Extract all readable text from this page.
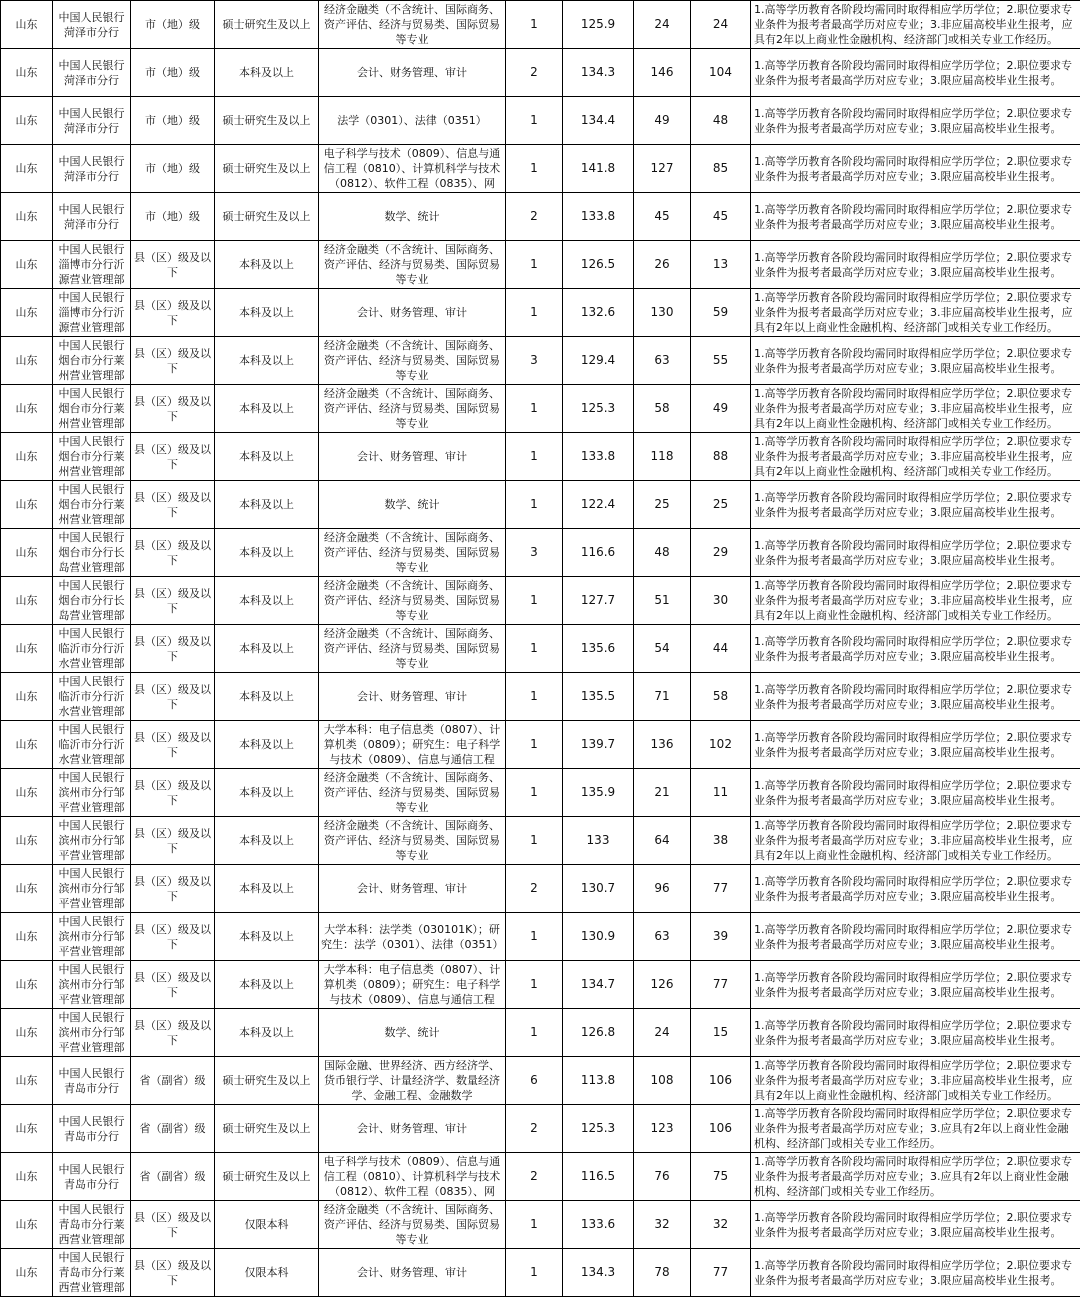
山东	中国人民银行菏泽市分行	市（地）级	硕士研究生及以上	经济金融类（不含统计、国际商务、资产评估、经济与贸易类、国际贸易等专业	1	125.9	24	24	1.高等学历教育各阶段均需同时取得相应学历学位；2.职位要求专业条件为报考者最高学历对应专业；3.非应届高校毕业生报考，应具有2年以上商业性金融机构、经济部门或相关专业工作经历。
山东	中国人民银行菏泽市分行	市（地）级	本科及以上	会计、财务管理、审计	2	134.3	146	104	1.高等学历教育各阶段均需同时取得相应学历学位；2.职位要求专业条件为报考者最高学历对应专业；3.限应届高校毕业生报考。
山东	中国人民银行菏泽市分行	市（地）级	硕士研究生及以上	法学（0301）、法律（0351）	1	134.4	49	48	1.高等学历教育各阶段均需同时取得相应学历学位；2.职位要求专业条件为报考者最高学历对应专业；3.限应届高校毕业生报考。
山东	中国人民银行菏泽市分行	市（地）级	硕士研究生及以上	电子科学与技术（0809）、信息与通信工程（0810）、计算机科学与技术（0812）、软件工程（0835）、网	1	141.8	127	85	1.高等学历教育各阶段均需同时取得相应学历学位；2.职位要求专业条件为报考者最高学历对应专业；3.限应届高校毕业生报考。
山东	中国人民银行菏泽市分行	市（地）级	硕士研究生及以上	数学、统计	2	133.8	45	45	1.高等学历教育各阶段均需同时取得相应学历学位；2.职位要求专业条件为报考者最高学历对应专业；3.限应届高校毕业生报考。
山东	中国人民银行淄博市分行沂源营业管理部	县（区）级及以下	本科及以上	经济金融类（不含统计、国际商务、资产评估、经济与贸易类、国际贸易等专业	1	126.5	26	13	1.高等学历教育各阶段均需同时取得相应学历学位；2.职位要求专业条件为报考者最高学历对应专业；3.限应届高校毕业生报考。
山东	中国人民银行淄博市分行沂源营业管理部	县（区）级及以下	本科及以上	会计、财务管理、审计	1	132.6	130	59	1.高等学历教育各阶段均需同时取得相应学历学位；2.职位要求专业条件为报考者最高学历对应专业；3.非应届高校毕业生报考，应具有2年以上商业性金融机构、经济部门或相关专业工作经历。
山东	中国人民银行烟台市分行莱州营业管理部	县（区）级及以下	本科及以上	经济金融类（不含统计、国际商务、资产评估、经济与贸易类、国际贸易等专业	3	129.4	63	55	1.高等学历教育各阶段均需同时取得相应学历学位；2.职位要求专业条件为报考者最高学历对应专业；3.限应届高校毕业生报考。
山东	中国人民银行烟台市分行莱州营业管理部	县（区）级及以下	本科及以上	经济金融类（不含统计、国际商务、资产评估、经济与贸易类、国际贸易等专业	1	125.3	58	49	1.高等学历教育各阶段均需同时取得相应学历学位；2.职位要求专业条件为报考者最高学历对应专业；3.非应届高校毕业生报考，应具有2年以上商业性金融机构、经济部门或相关专业工作经历。
山东	中国人民银行烟台市分行莱州营业管理部	县（区）级及以下	本科及以上	会计、财务管理、审计	1	133.8	118	88	1.高等学历教育各阶段均需同时取得相应学历学位；2.职位要求专业条件为报考者最高学历对应专业；3.非应届高校毕业生报考，应具有2年以上商业性金融机构、经济部门或相关专业工作经历。
山东	中国人民银行烟台市分行莱州营业管理部	县（区）级及以下	本科及以上	数学、统计	1	122.4	25	25	1.高等学历教育各阶段均需同时取得相应学历学位；2.职位要求专业条件为报考者最高学历对应专业；3.限应届高校毕业生报考。
山东	中国人民银行烟台市分行长岛营业管理部	县（区）级及以下	本科及以上	经济金融类（不含统计、国际商务、资产评估、经济与贸易类、国际贸易等专业	3	116.6	48	29	1.高等学历教育各阶段均需同时取得相应学历学位；2.职位要求专业条件为报考者最高学历对应专业；3.限应届高校毕业生报考。
山东	中国人民银行烟台市分行长岛营业管理部	县（区）级及以下	本科及以上	经济金融类（不含统计、国际商务、资产评估、经济与贸易类、国际贸易等专业	1	127.7	51	30	1.高等学历教育各阶段均需同时取得相应学历学位；2.职位要求专业条件为报考者最高学历对应专业；3.非应届高校毕业生报考，应具有2年以上商业性金融机构、经济部门或相关专业工作经历。
山东	中国人民银行临沂市分行沂水营业管理部	县（区）级及以下	本科及以上	经济金融类（不含统计、国际商务、资产评估、经济与贸易类、国际贸易等专业	1	135.6	54	44	1.高等学历教育各阶段均需同时取得相应学历学位；2.职位要求专业条件为报考者最高学历对应专业；3.限应届高校毕业生报考。
山东	中国人民银行临沂市分行沂水营业管理部	县（区）级及以下	本科及以上	会计、财务管理、审计	1	135.5	71	58	1.高等学历教育各阶段均需同时取得相应学历学位；2.职位要求专业条件为报考者最高学历对应专业；3.限应届高校毕业生报考。
山东	中国人民银行临沂市分行沂水营业管理部	县（区）级及以下	本科及以上	大学本科：电子信息类（0807）、计算机类（0809）；研究生：电子科学与技术（0809）、信息与通信工程	1	139.7	136	102	1.高等学历教育各阶段均需同时取得相应学历学位；2.职位要求专业条件为报考者最高学历对应专业；3.限应届高校毕业生报考。
山东	中国人民银行滨州市分行邹平营业管理部	县（区）级及以下	本科及以上	经济金融类（不含统计、国际商务、资产评估、经济与贸易类、国际贸易等专业	1	135.9	21	11	1.高等学历教育各阶段均需同时取得相应学历学位；2.职位要求专业条件为报考者最高学历对应专业；3.限应届高校毕业生报考。
山东	中国人民银行滨州市分行邹平营业管理部	县（区）级及以下	本科及以上	经济金融类（不含统计、国际商务、资产评估、经济与贸易类、国际贸易等专业	1	133	64	38	1.高等学历教育各阶段均需同时取得相应学历学位；2.职位要求专业条件为报考者最高学历对应专业；3.非应届高校毕业生报考，应具有2年以上商业性金融机构、经济部门或相关专业工作经历。
山东	中国人民银行滨州市分行邹平营业管理部	县（区）级及以下	本科及以上	会计、财务管理、审计	2	130.7	96	77	1.高等学历教育各阶段均需同时取得相应学历学位；2.职位要求专业条件为报考者最高学历对应专业；3.限应届高校毕业生报考。
山东	中国人民银行滨州市分行邹平营业管理部	县（区）级及以下	本科及以上	大学本科：法学类（030101K）；研究生：法学（0301）、法律（0351）	1	130.9	63	39	1.高等学历教育各阶段均需同时取得相应学历学位；2.职位要求专业条件为报考者最高学历对应专业；3.限应届高校毕业生报考。
山东	中国人民银行滨州市分行邹平营业管理部	县（区）级及以下	本科及以上	大学本科：电子信息类（0807）、计算机类（0809）；研究生：电子科学与技术（0809）、信息与通信工程	1	134.7	126	77	1.高等学历教育各阶段均需同时取得相应学历学位；2.职位要求专业条件为报考者最高学历对应专业；3.限应届高校毕业生报考。
山东	中国人民银行滨州市分行邹平营业管理部	县（区）级及以下	本科及以上	数学、统计	1	126.8	24	15	1.高等学历教育各阶段均需同时取得相应学历学位；2.职位要求专业条件为报考者最高学历对应专业；3.限应届高校毕业生报考。
山东	中国人民银行青岛市分行	省（副省）级	硕士研究生及以上	国际金融、世界经济、西方经济学、货币银行学、计量经济学、数量经济学、金融工程、金融数学	6	113.8	108	106	1.高等学历教育各阶段均需同时取得相应学历学位；2.职位要求专业条件为报考者最高学历对应专业；3.非应届高校毕业生报考，应具有2年以上商业性金融机构、经济部门或相关专业工作经历。
山东	中国人民银行青岛市分行	省（副省）级	硕士研究生及以上	会计、财务管理、审计	2	125.3	123	106	1.高等学历教育各阶段均需同时取得相应学历学位；2.职位要求专业条件为报考者最高学历对应专业；3.应具有2年以上商业性金融机构、经济部门或相关专业工作经历。
山东	中国人民银行青岛市分行	省（副省）级	硕士研究生及以上	电子科学与技术（0809）、信息与通信工程（0810）、计算机科学与技术（0812）、软件工程（0835）、网	2	116.5	76	75	1.高等学历教育各阶段均需同时取得相应学历学位；2.职位要求专业条件为报考者最高学历对应专业；3.应具有2年以上商业性金融机构、经济部门或相关专业工作经历。
山东	中国人民银行青岛市分行莱西营业管理部	县（区）级及以下	仅限本科	经济金融类（不含统计、国际商务、资产评估、经济与贸易类、国际贸易等专业	1	133.6	32	32	1.高等学历教育各阶段均需同时取得相应学历学位；2.职位要求专业条件为报考者最高学历对应专业；3.限应届高校毕业生报考。
山东	中国人民银行青岛市分行莱西营业管理部	县（区）级及以下	仅限本科	会计、财务管理、审计	1	134.3	78	77	1.高等学历教育各阶段均需同时取得相应学历学位；2.职位要求专业条件为报考者最高学历对应专业；3.限应届高校毕业生报考。
